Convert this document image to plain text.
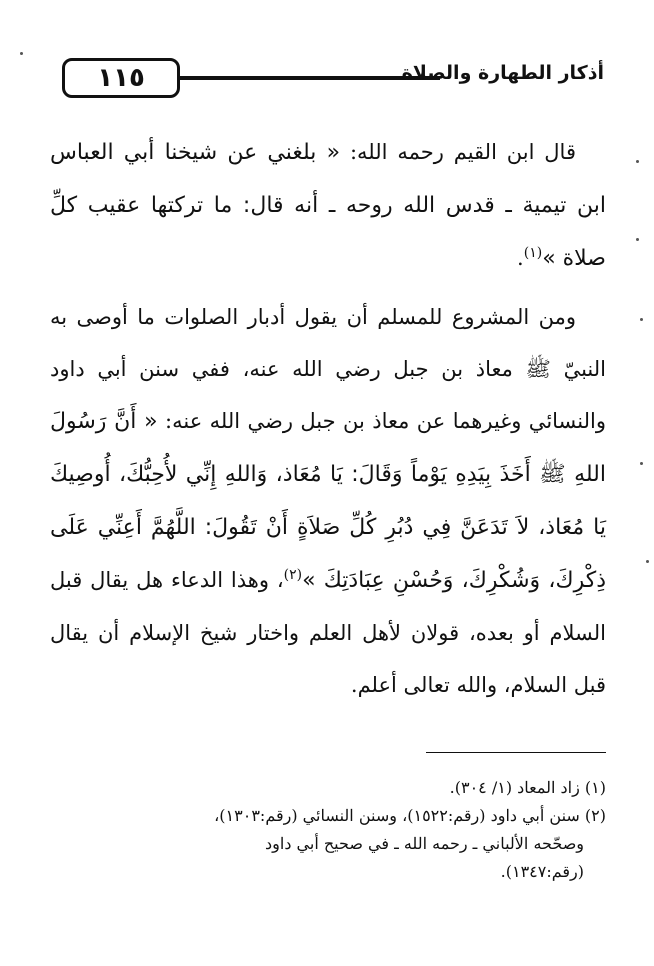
١١٥	أذكار الطهارة والصلاة

قال ابن القيم رحمه الله: « بلغني عن شيخنا أبي العباس ابن تيمية ـ قدس الله روحه ـ أنه قال: ما تركتها عقيب كلِّ صلاة »$^{(١)}$.

ومن المشروع للمسلم أن يقول أدبار الصلوات ما أوصى به النبيّ ﷺ معاذ بن جبل رضي الله عنه، ففي سنن أبي داود والنسائي وغيرهما عن معاذ بن جبل رضي الله عنه: « أَنَّ رَسُولَ اللهِ ﷺ أَخَذَ بِيَدِهِ يَوْماً وَقَالَ: يَا مُعَاذ، وَاللهِ إِنِّي لأُحِبُّكَ، أُوصِيكَ يَا مُعَاذ، لاَ تَدَعَنَّ فِي دُبُرِ كُلِّ صَلاَةٍ أَنْ تَقُولَ: اللَّهُمَّ أَعِنِّي عَلَى ذِكْرِكَ، وَشُكْرِكَ، وَحُسْنِ عِبَادَتِكَ »$^{(٢)}$، وهذا الدعاء هل يقال قبل السلام أو بعده، قولان لأهل العلم واختار شيخ الإسلام أن يقال قبل السلام، والله تعالى أعلم.

(١) زاد المعاد (١/ ٣٠٤).

(٢) سنن أبي داود (رقم:١٥٢٢)، وسنن النسائي (رقم:١٣٠٣)،

وصحّحه الألباني ـ رحمه الله ـ في صحيح أبي داود

(رقم:١٣٤٧).
